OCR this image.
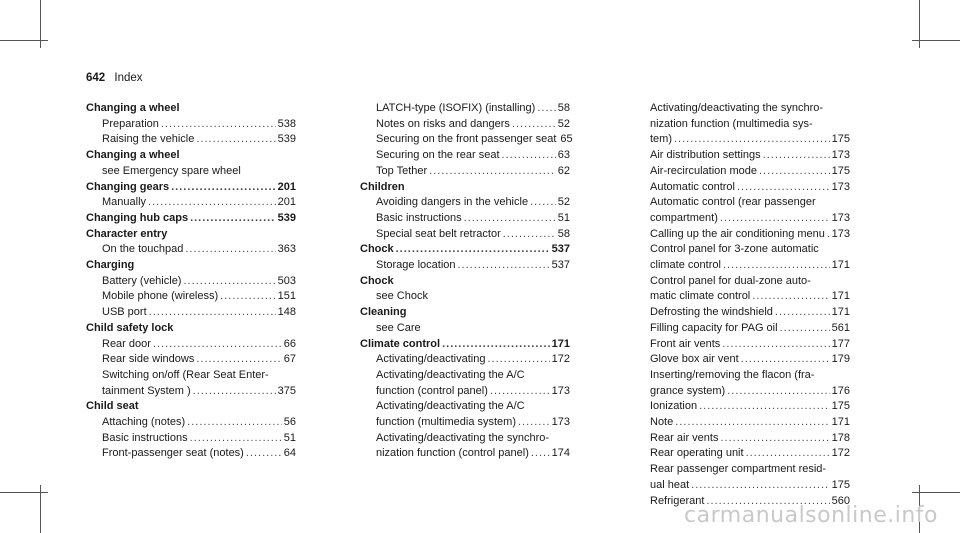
642 Index
Changing a wheel
Preparation .....	538
Raising the vehicle .....	539
Changing a wheel
see Emergency spare wheel
Changing gears .....	201
Manually .....	201
Changing hub caps .....	539
Character entry
On the touchpad .....	363
Charging
Battery (vehicle) .....	503
Mobile phone (wireless) .....	151
USB port .....	148
Child safety lock
Rear door .....	66
Rear side windows .....	67
Switching on/off (Rear Seat Enter-
tainment System ) .....	375
Child seat
Attaching (notes) .....	56
Basic instructions .....	51
Front-passenger seat (notes) .....	64
LATCH-type (ISOFIX) (installing) ..... 58
Notes on risks and dangers .....	52
Securing on the front passenger seat 65
Securing on the rear seat .....	63
Top Tether .....	62
Children
Avoiding dangers in the vehicle .....	52
Basic instructions .....	51
Special seat belt retractor .....	58
Chock .....	537
Storage location .....	537
Chock
see Chock
Cleaning
see Care
Climate control .....	171
Activating/deactivating .....	172
Activating/deactivating the A/C
function (control panel) .....	173
Activating/deactivating the A/C
function (multimedia system) .....	173
Activating/deactivating the synchro-
nization function (control panel) ..... 174
Activating/deactivating the synchro-
nization function (multimedia sys-
tem) .....	175
Air distribution settings .....	173
Air-recirculation mode .....	175
Automatic control .....	173
Automatic control (rear passenger
compartment) .....	173
Calling up the air conditioning menu ..... 173
Control panel for 3-zone automatic
climate control .....	171
Control panel for dual-zone auto-
matic climate control .....	171
Defrosting the windshield .....	171
Filling capacity for PAG oil .....	561
Front air vents .....	177
Glove box air vent .....	179
Inserting/removing the flacon (fra-
grance system) .....	176
Ionization .....	175
Note .....	171
Rear air vents .....	178
Rear operating unit .....	172
Rear passenger compartment resid-
ual heat .....	175
Refrigerant .....	560
carmanualsonline.info
